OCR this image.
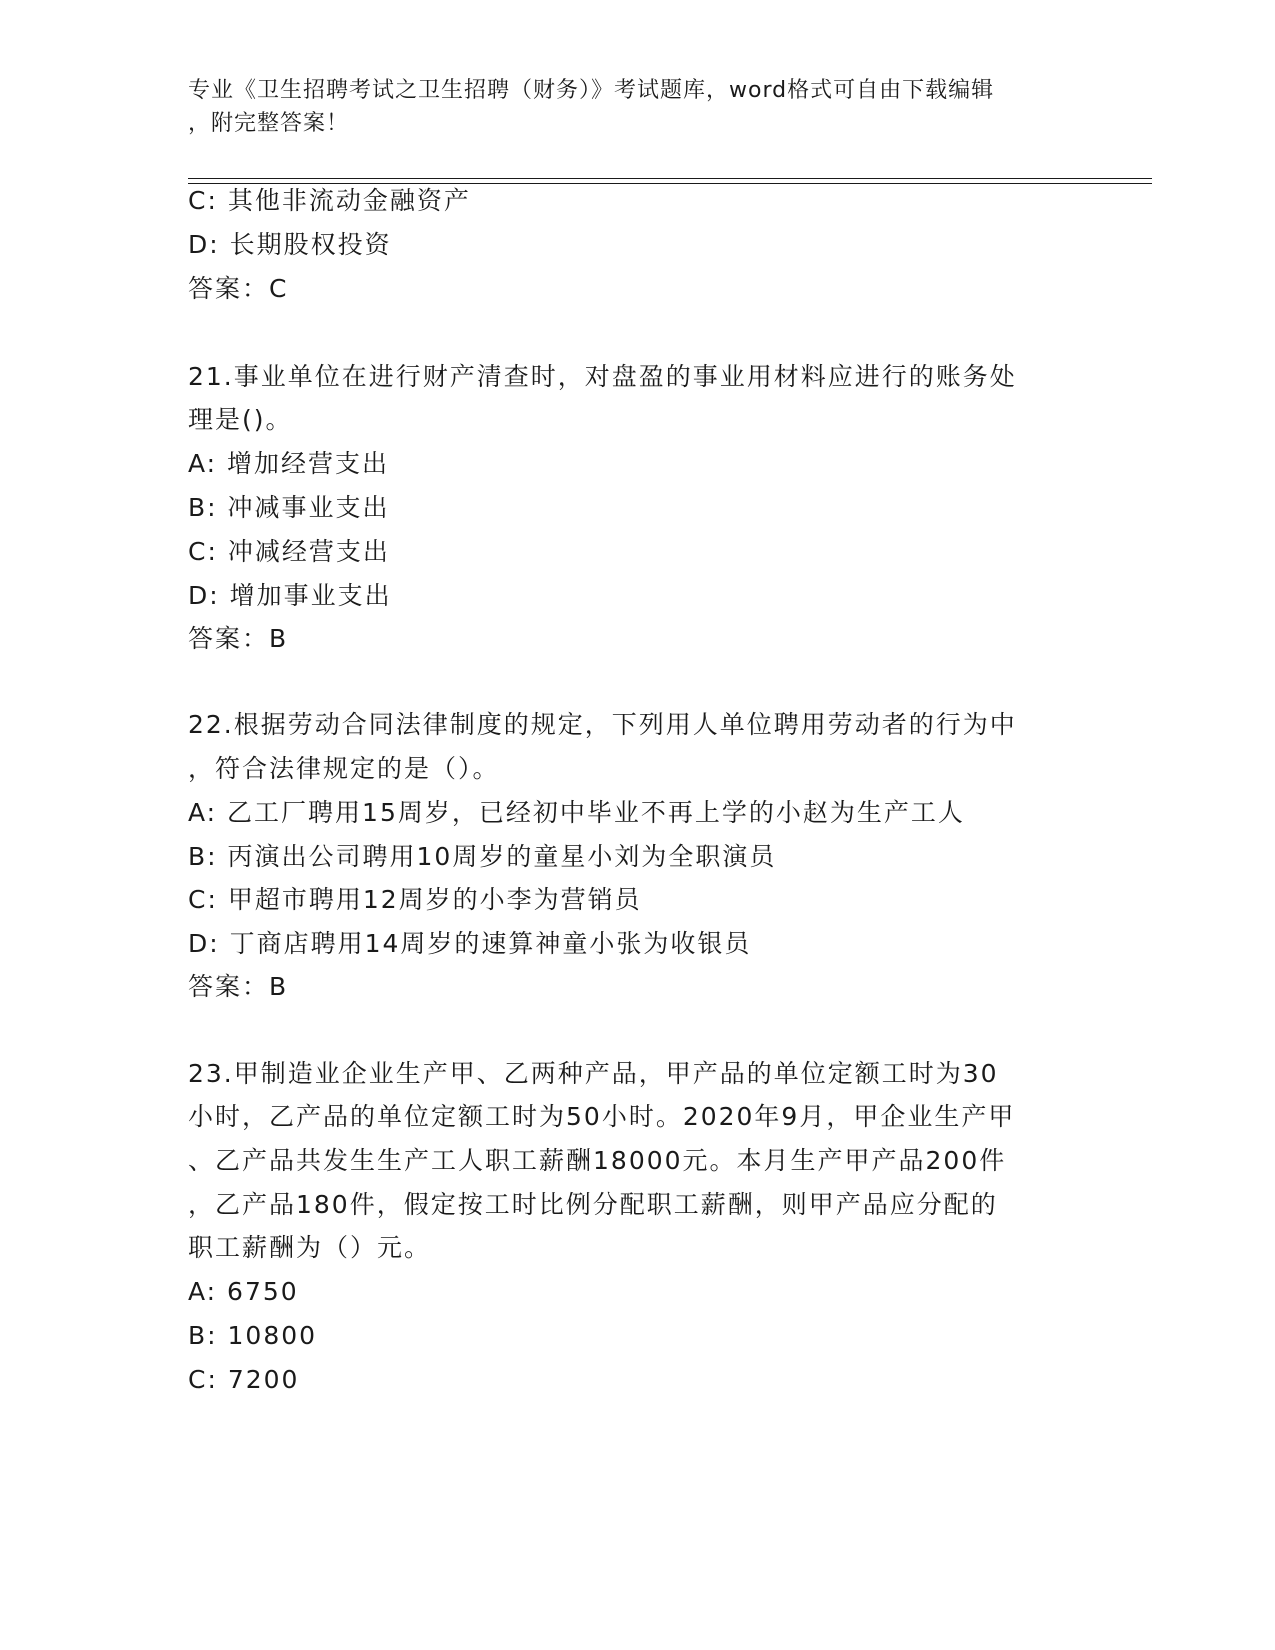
专业《卫生招聘考试之卫生招聘（财务）》考试题库，word格式可自由下载编辑
，附完整答案！
C: 其他非流动金融资产
D: 长期股权投资
答案：C
21.事业单位在进行财产清查时，对盘盈的事业用材料应进行的账务处
理是()。
A: 增加经营支出
B: 冲减事业支出
C: 冲减经营支出
D: 增加事业支出
答案：B
22.根据劳动合同法律制度的规定，下列用人单位聘用劳动者的行为中
，符合法律规定的是（）。
A: 乙工厂聘用15周岁，已经初中毕业不再上学的小赵为生产工人
B: 丙演出公司聘用10周岁的童星小刘为全职演员
C: 甲超市聘用12周岁的小李为营销员
D: 丁商店聘用14周岁的速算神童小张为收银员
答案：B
23.甲制造业企业生产甲、乙两种产品，甲产品的单位定额工时为30
小时，乙产品的单位定额工时为50小时。2020年9月，甲企业生产甲
、乙产品共发生生产工人职工薪酬18000元。本月生产甲产品200件
，乙产品180件，假定按工时比例分配职工薪酬，则甲产品应分配的
职工薪酬为（）元。
A: 6750
B: 10800
C: 7200
